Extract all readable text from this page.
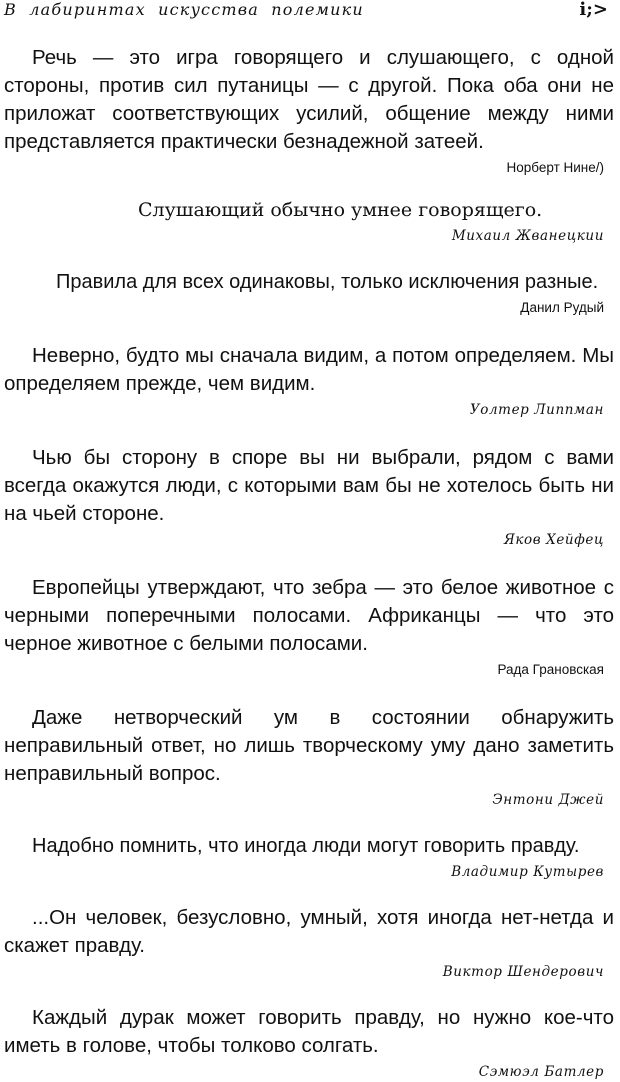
В лабиринтах искусства полемики	i;>

Речь — это игра говорящего и слушающего, с одной стороны, против сил путаницы — с другой. Пока оба они не приложат соответствующих усилий, общение между ними представляется практически безнадежной затеей.

Норберт Нине/)

Слушающий обычно умнее говорящего.

Михаил Жванецкии

Правила для всех одинаковы, только исключения разные.

Данил Рудый

Неверно, будто мы сначала видим, а потом определяем. Мы определяем прежде, чем видим.

Уолтер Липпман

Чью бы сторону в споре вы ни выбрали, рядом с вами всегда окажутся люди, с которыми вам бы не хотелось быть ни на чьей стороне.

Яков Хейфец

Европейцы утверждают, что зебра — это белое животное с черными поперечными полосами. Африканцы — что это черное животное с белыми полосами.

Рада Грановская

Даже нетворческий ум в состоянии обнаружить неправильный ответ, но лишь творческому уму дано заметить неправильный вопрос.

Энтони Джей

Надобно помнить, что иногда люди могут говорить правду.

Владимир Кутырев

...Он человек, безусловно, умный, хотя иногда нет-нетда и скажет правду.

Виктор Шендерович

Каждый дурак может говорить правду, но нужно кое-что иметь в голове, чтобы толково солгать.

Сэмюэл Батлер
